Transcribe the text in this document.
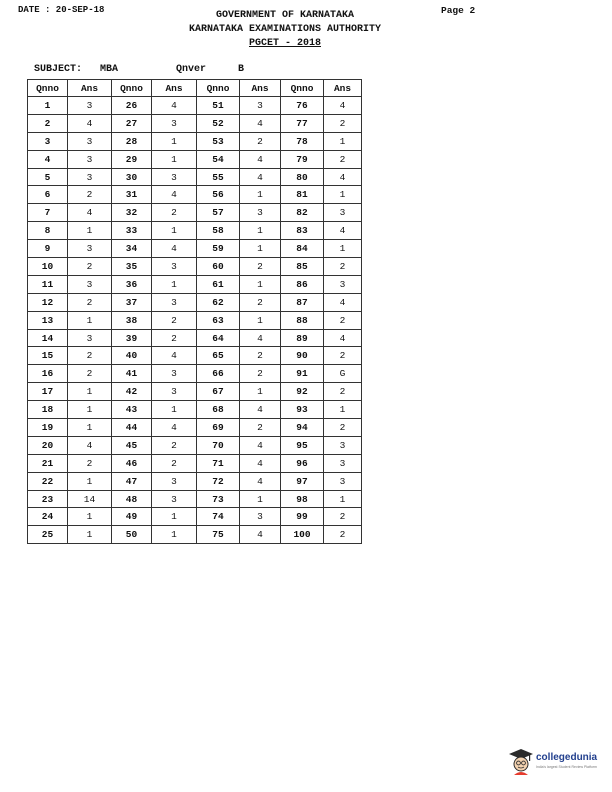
DATE : 20-SEP-18	Page 2
GOVERNMENT OF KARNATAKA
KARNATAKA EXAMINATIONS AUTHORITY
PGCET - 2018
SUBJECT: MBA	Qnver	B
Qnno	Ans	Qnno	Ans	Qnno	Ans	Qnno	Ans
1	3	26	4	51	3	76	4
2	4	27	3	52	4	77	2
3	3	28	1	53	2	78	1
4	3	29	1	54	4	79	2
5	3	30	3	55	4	80	4
6	2	31	4	56	1	81	1
7	4	32	2	57	3	82	3
8	1	33	1	58	1	83	4
9	3	34	4	59	1	84	1
10	2	35	3	60	2	85	2
11	3	36	1	61	1	86	3
12	2	37	3	62	2	87	4
13	1	38	2	63	1	88	2
14	3	39	2	64	4	89	4
15	2	40	4	65	2	90	2
16	2	41	3	66	2	91	G
17	1	42	3	67	1	92	2
18	1	43	1	68	4	93	1
19	1	44	4	69	2	94	2
20	4	45	2	70	4	95	3
21	2	46	2	71	4	96	3
22	1	47	3	72	4	97	3
23	14	48	3	73	1	98	1
24	1	49	1	74	3	99	2
25	1	50	1	75	4	100	2
collegedunia
India's largest Student Review Platform
